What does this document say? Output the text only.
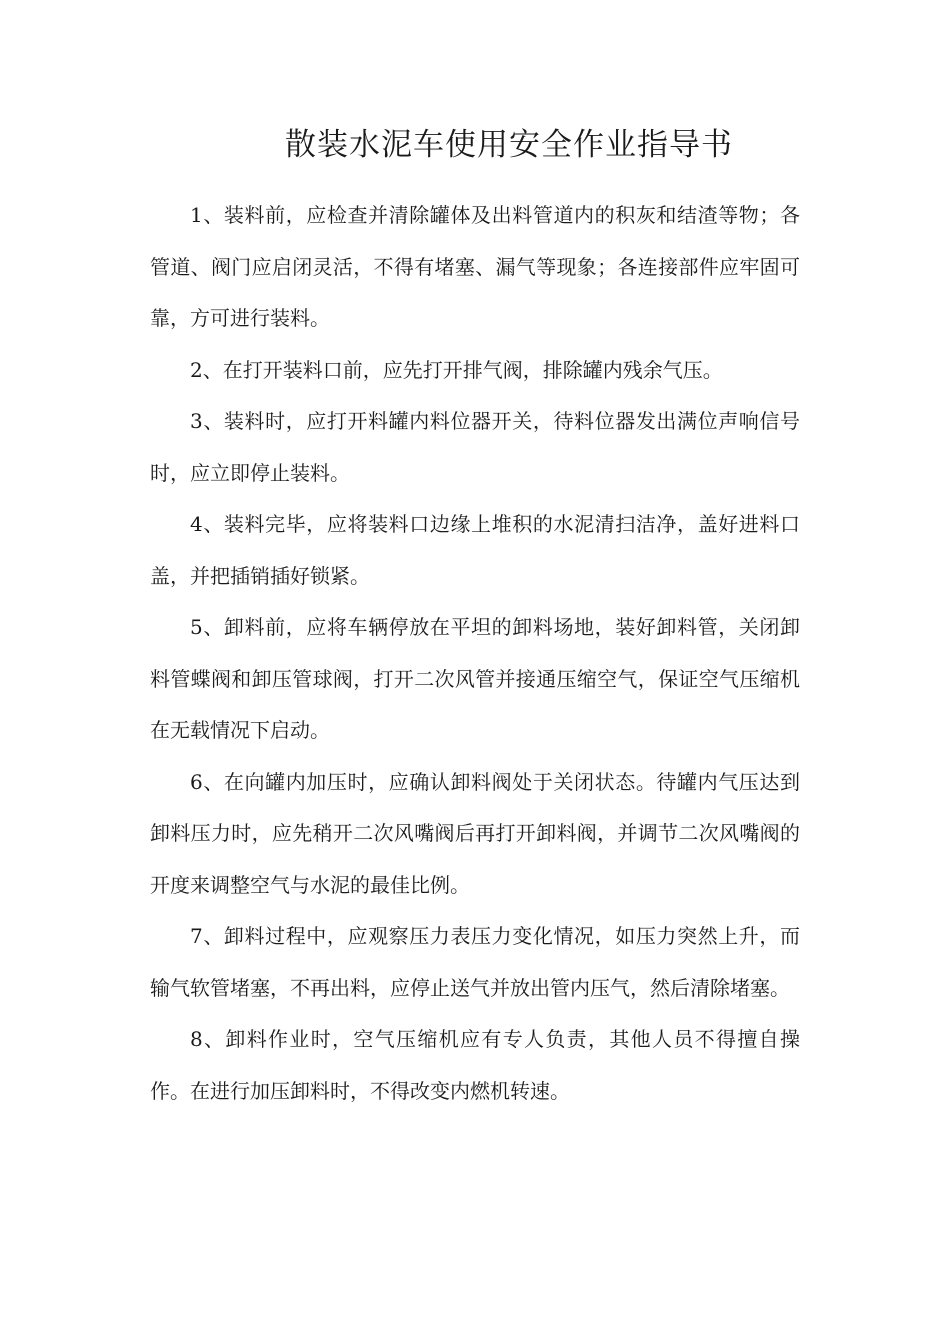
散装水泥车使用安全作业指导书

1、装料前，应检查并清除罐体及出料管道内的积灰和结渣等物；各管道、阀门应启闭灵活，不得有堵塞、漏气等现象；各连接部件应牢固可靠，方可进行装料。

2、在打开装料口前，应先打开排气阀，排除罐内残余气压。

3、装料时，应打开料罐内料位器开关，待料位器发出满位声响信号时，应立即停止装料。

4、装料完毕，应将装料口边缘上堆积的水泥清扫洁净，盖好进料口盖，并把插销插好锁紧。

5、卸料前，应将车辆停放在平坦的卸料场地，装好卸料管，关闭卸料管蝶阀和卸压管球阀，打开二次风管并接通压缩空气，保证空气压缩机在无载情况下启动。

6、在向罐内加压时，应确认卸料阀处于关闭状态。待罐内气压达到卸料压力时，应先稍开二次风嘴阀后再打开卸料阀，并调节二次风嘴阀的开度来调整空气与水泥的最佳比例。

7、卸料过程中，应观察压力表压力变化情况，如压力突然上升，而输气软管堵塞，不再出料，应停止送气并放出管内压气，然后清除堵塞。

8、卸料作业时，空气压缩机应有专人负责，其他人员不得擅自操作。在进行加压卸料时，不得改变内燃机转速。
